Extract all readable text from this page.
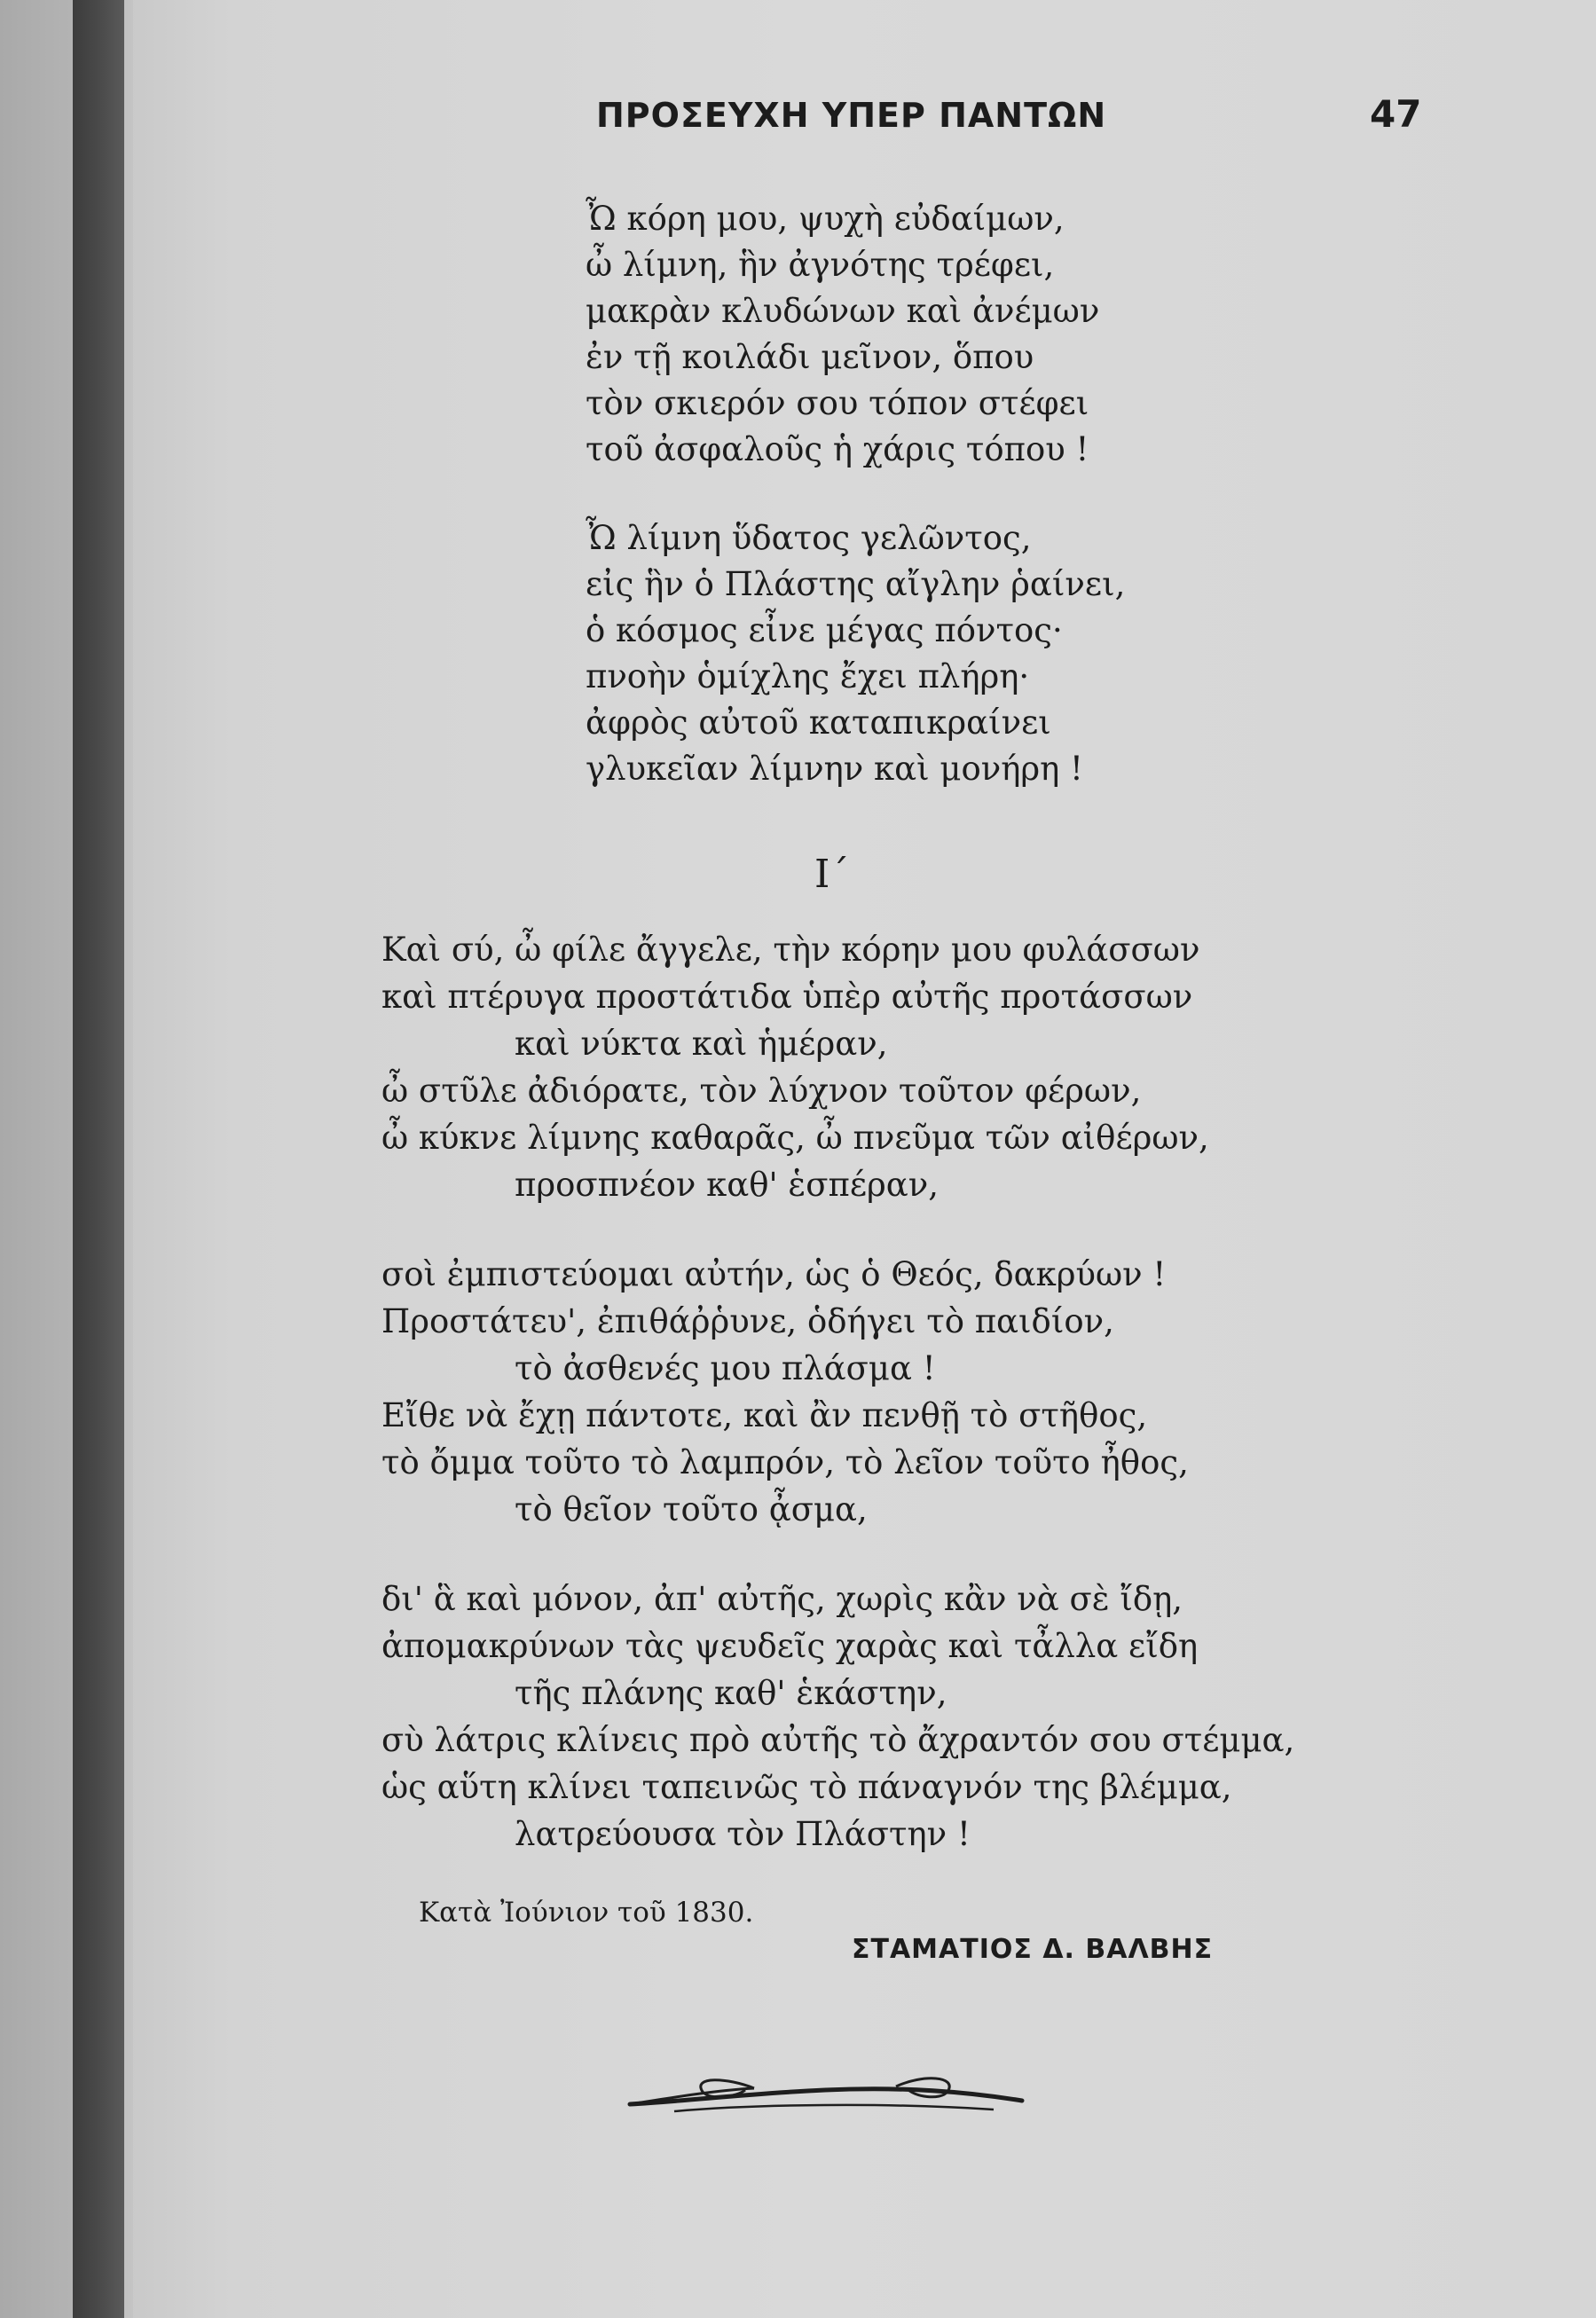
ΠΡΟΣΕΥΧΗ ΥΠΕΡ ΠΑΝΤΩΝ	47
Ὦ κόρη μου, ψυχὴ εὐδαίμων,
ὦ λίμνη, ἣν ἀγνότης τρέφει,
μακρὰν κλυδώνων καὶ ἀνέμων
ἐν τῇ κοιλάδι μεῖνον, ὅπου
τὸν σκιερόν σου τόπον στέφει
τοῦ ἀσφαλοῦς ἡ χάρις τόπου !
Ὦ λίμνη ὕδατος γελῶντος,
εἰς ἣν ὁ Πλάστης αἴγλην ῥαίνει,
ὁ κόσμος εἶνε μέγας πόντος·
πνοὴν ὁμίχλης ἔχει πλήρη·
ἀφρὸς αὐτοῦ καταπικραίνει
γλυκεῖαν λίμνην καὶ μονήρη !
Ι΄
Καὶ σύ, ὦ φίλε ἄγγελε, τὴν κόρην μου φυλάσσων
καὶ πτέρυγα προστάτιδα ὑπὲρ αὐτῆς προτάσσων
καὶ νύκτα καὶ ἡμέραν,
ὦ στῦλε ἀδιόρατε, τὸν λύχνον τοῦτον φέρων,
ὦ κύκνε λίμνης καθαρᾶς, ὦ πνεῦμα τῶν αἰθέρων,
προσπνέον καθ' ἑσπέραν,
σοὶ ἐμπιστεύομαι αὐτήν, ὡς ὁ Θεός, δακρύων !
Προστάτευ', ἐπιθάῤῥυνε, ὁδήγει τὸ παιδίον,
τὸ ἀσθενές μου πλάσμα !
Εἴθε νὰ ἔχῃ πάντοτε, καὶ ἂν πενθῇ τὸ στῆθος,
τὸ ὄμμα τοῦτο τὸ λαμπρόν, τὸ λεῖον τοῦτο ἦθος,
τὸ θεῖον τοῦτο ᾆσμα,
δι' ἃ καὶ μόνον, ἀπ' αὐτῆς, χωρὶς κἂν νὰ σὲ ἴδῃ,
ἀπομακρύνων τὰς ψευδεῖς χαρὰς καὶ τἆλλα εἴδη
τῆς πλάνης καθ' ἑκάστην,
σὺ λάτρις κλίνεις πρὸ αὐτῆς τὸ ἄχραντόν σου στέμμα,
ὡς αὕτη κλίνει ταπεινῶς τὸ πάναγνόν της βλέμμα,
λατρεύουσα τὸν Πλάστην !
Κατὰ Ἰούνιον τοῦ 1830.
ΣΤΑΜΑΤΙΟΣ Δ. ΒΑΛΒΗΣ
